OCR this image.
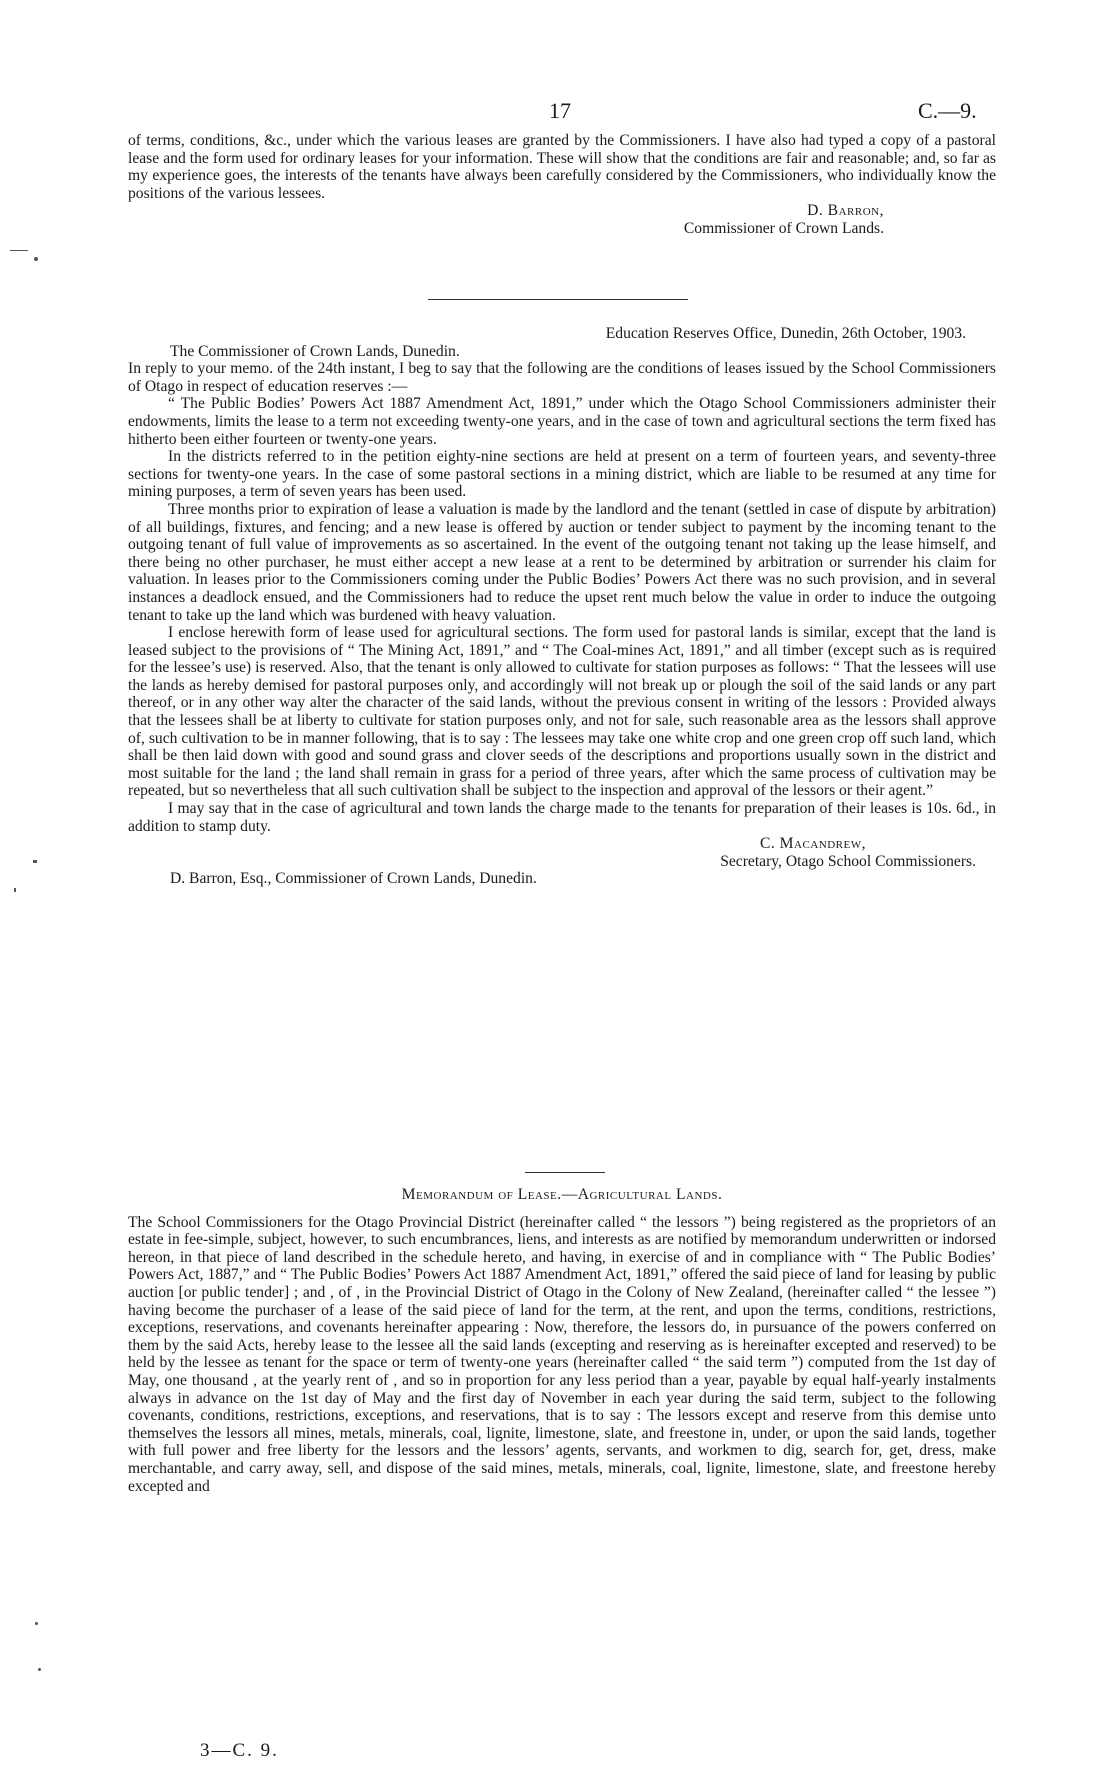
17	C.—9.

of terms, conditions, &c., under which the various leases are granted by the Commissioners. I have also had typed a copy of a pastoral lease and the form used for ordinary leases for your information. These will show that the conditions are fair and reasonable; and, so far as my experience goes, the interests of the tenants have always been carefully considered by the Commissioners, who individually know the positions of the various lessees.

D. Barron,

Commissioner of Crown Lands.

Education Reserves Office, Dunedin, 26th October, 1903.

The Commissioner of Crown Lands, Dunedin.

In reply to your memo. of the 24th instant, I beg to say that the following are the conditions of leases issued by the School Commissioners of Otago in respect of education reserves :—

“ The Public Bodies’ Powers Act 1887 Amendment Act, 1891,” under which the Otago School Commissioners administer their endowments, limits the lease to a term not exceeding twenty-one years, and in the case of town and agricultural sections the term fixed has hitherto been either fourteen or twenty-one years.

In the districts referred to in the petition eighty-nine sections are held at present on a term of fourteen years, and seventy-three sections for twenty-one years. In the case of some pastoral sections in a mining district, which are liable to be resumed at any time for mining purposes, a term of seven years has been used.

Three months prior to expiration of lease a valuation is made by the landlord and the tenant (settled in case of dispute by arbitration) of all buildings, fixtures, and fencing; and a new lease is offered by auction or tender subject to payment by the incoming tenant to the outgoing tenant of full value of improvements as so ascertained. In the event of the outgoing tenant not taking up the lease himself, and there being no other purchaser, he must either accept a new lease at a rent to be determined by arbitration or surrender his claim for valuation. In leases prior to the Commissioners coming under the Public Bodies’ Powers Act there was no such provision, and in several instances a deadlock ensued, and the Commissioners had to reduce the upset rent much below the value in order to induce the outgoing tenant to take up the land which was burdened with heavy valuation.

I enclose herewith form of lease used for agricultural sections. The form used for pastoral lands is similar, except that the land is leased subject to the provisions of “ The Mining Act, 1891,” and “ The Coal-mines Act, 1891,” and all timber (except such as is required for the lessee’s use) is reserved. Also, that the tenant is only allowed to cultivate for station purposes as follows: “ That the lessees will use the lands as hereby demised for pastoral purposes only, and accordingly will not break up or plough the soil of the said lands or any part thereof, or in any other way alter the character of the said lands, without the previous consent in writing of the lessors : Provided always that the lessees shall be at liberty to cultivate for station purposes only, and not for sale, such reasonable area as the lessors shall approve of, such cultivation to be in manner following, that is to say : The lessees may take one white crop and one green crop off such land, which shall be then laid down with good and sound grass and clover seeds of the descriptions and proportions usually sown in the district and most suitable for the land ; the land shall remain in grass for a period of three years, after which the same process of cultivation may be repeated, but so nevertheless that all such cultivation shall be subject to the inspection and approval of the lessors or their agent.”

I may say that in the case of agricultural and town lands the charge made to the tenants for preparation of their leases is 10s. 6d., in addition to stamp duty.

C. Macandrew,

Secretary, Otago School Commissioners.

D. Barron, Esq., Commissioner of Crown Lands, Dunedin.

Memorandum of Lease.—Agricultural Lands.

The School Commissioners for the Otago Provincial District (hereinafter called “ the lessors ”) being registered as the proprietors of an estate in fee-simple, subject, however, to such encumbrances, liens, and interests as are notified by memorandum underwritten or indorsed hereon, in that piece of land described in the schedule hereto, and having, in exercise of and in compliance with “ The Public Bodies’ Powers Act, 1887,” and “ The Public Bodies’ Powers Act 1887 Amendment Act, 1891,” offered the said piece of land for leasing by public auction [or public tender] ; and , of , in the Provincial District of Otago in the Colony of New Zealand, (hereinafter called “ the lessee ”) having become the purchaser of a lease of the said piece of land for the term, at the rent, and upon the terms, conditions, restrictions, exceptions, reservations, and covenants hereinafter appearing : Now, therefore, the lessors do, in pursuance of the powers conferred on them by the said Acts, hereby lease to the lessee all the said lands (excepting and reserving as is hereinafter excepted and reserved) to be held by the lessee as tenant for the space or term of twenty-one years (hereinafter called “ the said term ”) computed from the 1st day of May, one thousand , at the yearly rent of , and so in proportion for any less period than a year, payable by equal half-yearly instalments always in advance on the 1st day of May and the first day of November in each year during the said term, subject to the following covenants, conditions, restrictions, exceptions, and reservations, that is to say : The lessors except and reserve from this demise unto themselves the lessors all mines, metals, minerals, coal, lignite, limestone, slate, and freestone in, under, or upon the said lands, together with full power and free liberty for the lessors and the lessors’ agents, servants, and workmen to dig, search for, get, dress, make merchantable, and carry away, sell, and dispose of the said mines, metals, minerals, coal, lignite, limestone, slate, and freestone hereby excepted and

3—C. 9.
